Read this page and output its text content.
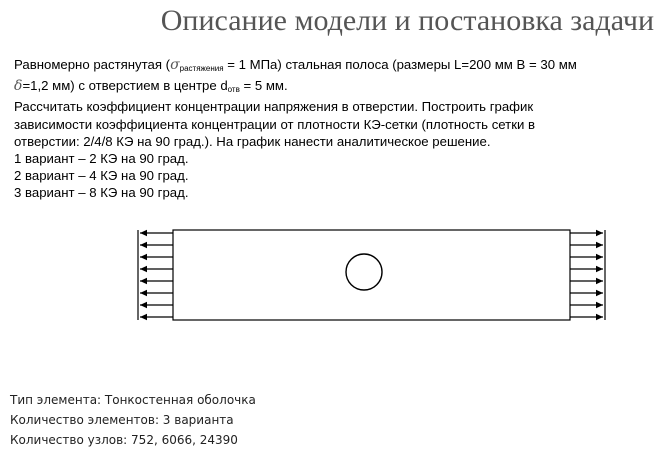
Описание модели и постановка задачи
Равномерно растянутая (σрастяжения = 1 МПа) стальная полоса (размеры L=200 мм B = 30 мм
δ=1,2 мм) с отверстием в центре dотв = 5 мм.
Рассчитать коэффициент концентрации напряжения в отверстии. Построить график
зависимости коэффициента концентрации от плотности КЭ-сетки (плотность сетки в
отверстии: 2/4/8 КЭ на 90 град.). На график нанести аналитическое решение.
1 вариант – 2 КЭ на 90 град.
2 вариант – 4 КЭ на 90 град.
3 вариант – 8 КЭ на 90 град.
Тип элемента: Тонкостенная оболочка
Количество элементов: 3 варианта
Количество узлов: 752, 6066, 24390
